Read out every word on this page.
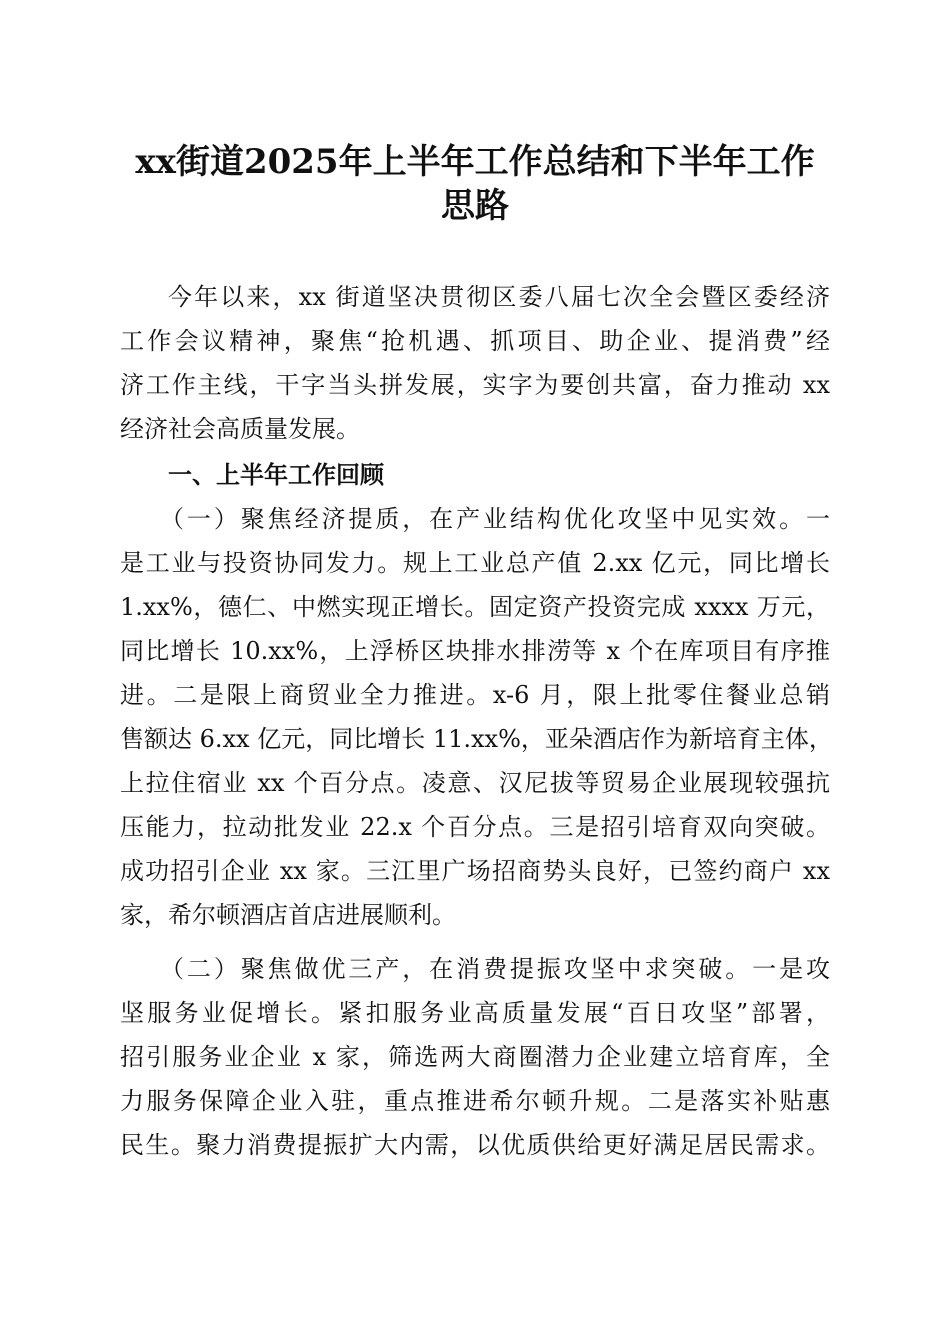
xx街道2025年上半年工作总结和下半年工作
思路
今年以来，xx 街道坚决贯彻区委八届七次全会暨区委经济
工作会议精神，聚焦“抢机遇、抓项目、助企业、提消费”经
济工作主线，干字当头拼发展，实字为要创共富，奋力推动 xx
经济社会高质量发展。
一、上半年工作回顾
（一）聚焦经济提质，在产业结构优化攻坚中见实效。一
是工业与投资协同发力。规上工业总产值 2.xx 亿元，同比增长
1.xx%，德仁、中燃实现正增长。固定资产投资完成 xxxx 万元，
同比增长 10.xx%，上浮桥区块排水排涝等 x 个在库项目有序推
进。二是限上商贸业全力推进。x-6 月，限上批零住餐业总销
售额达 6.xx 亿元，同比增长 11.xx%，亚朵酒店作为新培育主体，
上拉住宿业 xx 个百分点。凌意、汉尼拔等贸易企业展现较强抗
压能力，拉动批发业 22.x 个百分点。三是招引培育双向突破。
成功招引企业 xx 家。三江里广场招商势头良好，已签约商户 xx
家，希尔顿酒店首店进展顺利。
（二）聚焦做优三产，在消费提振攻坚中求突破。一是攻
坚服务业促增长。紧扣服务业高质量发展“百日攻坚”部署，
招引服务业企业 x 家，筛选两大商圈潜力企业建立培育库，全
力服务保障企业入驻，重点推进希尔顿升规。二是落实补贴惠
民生。聚力消费提振扩大内需，以优质供给更好满足居民需求。
